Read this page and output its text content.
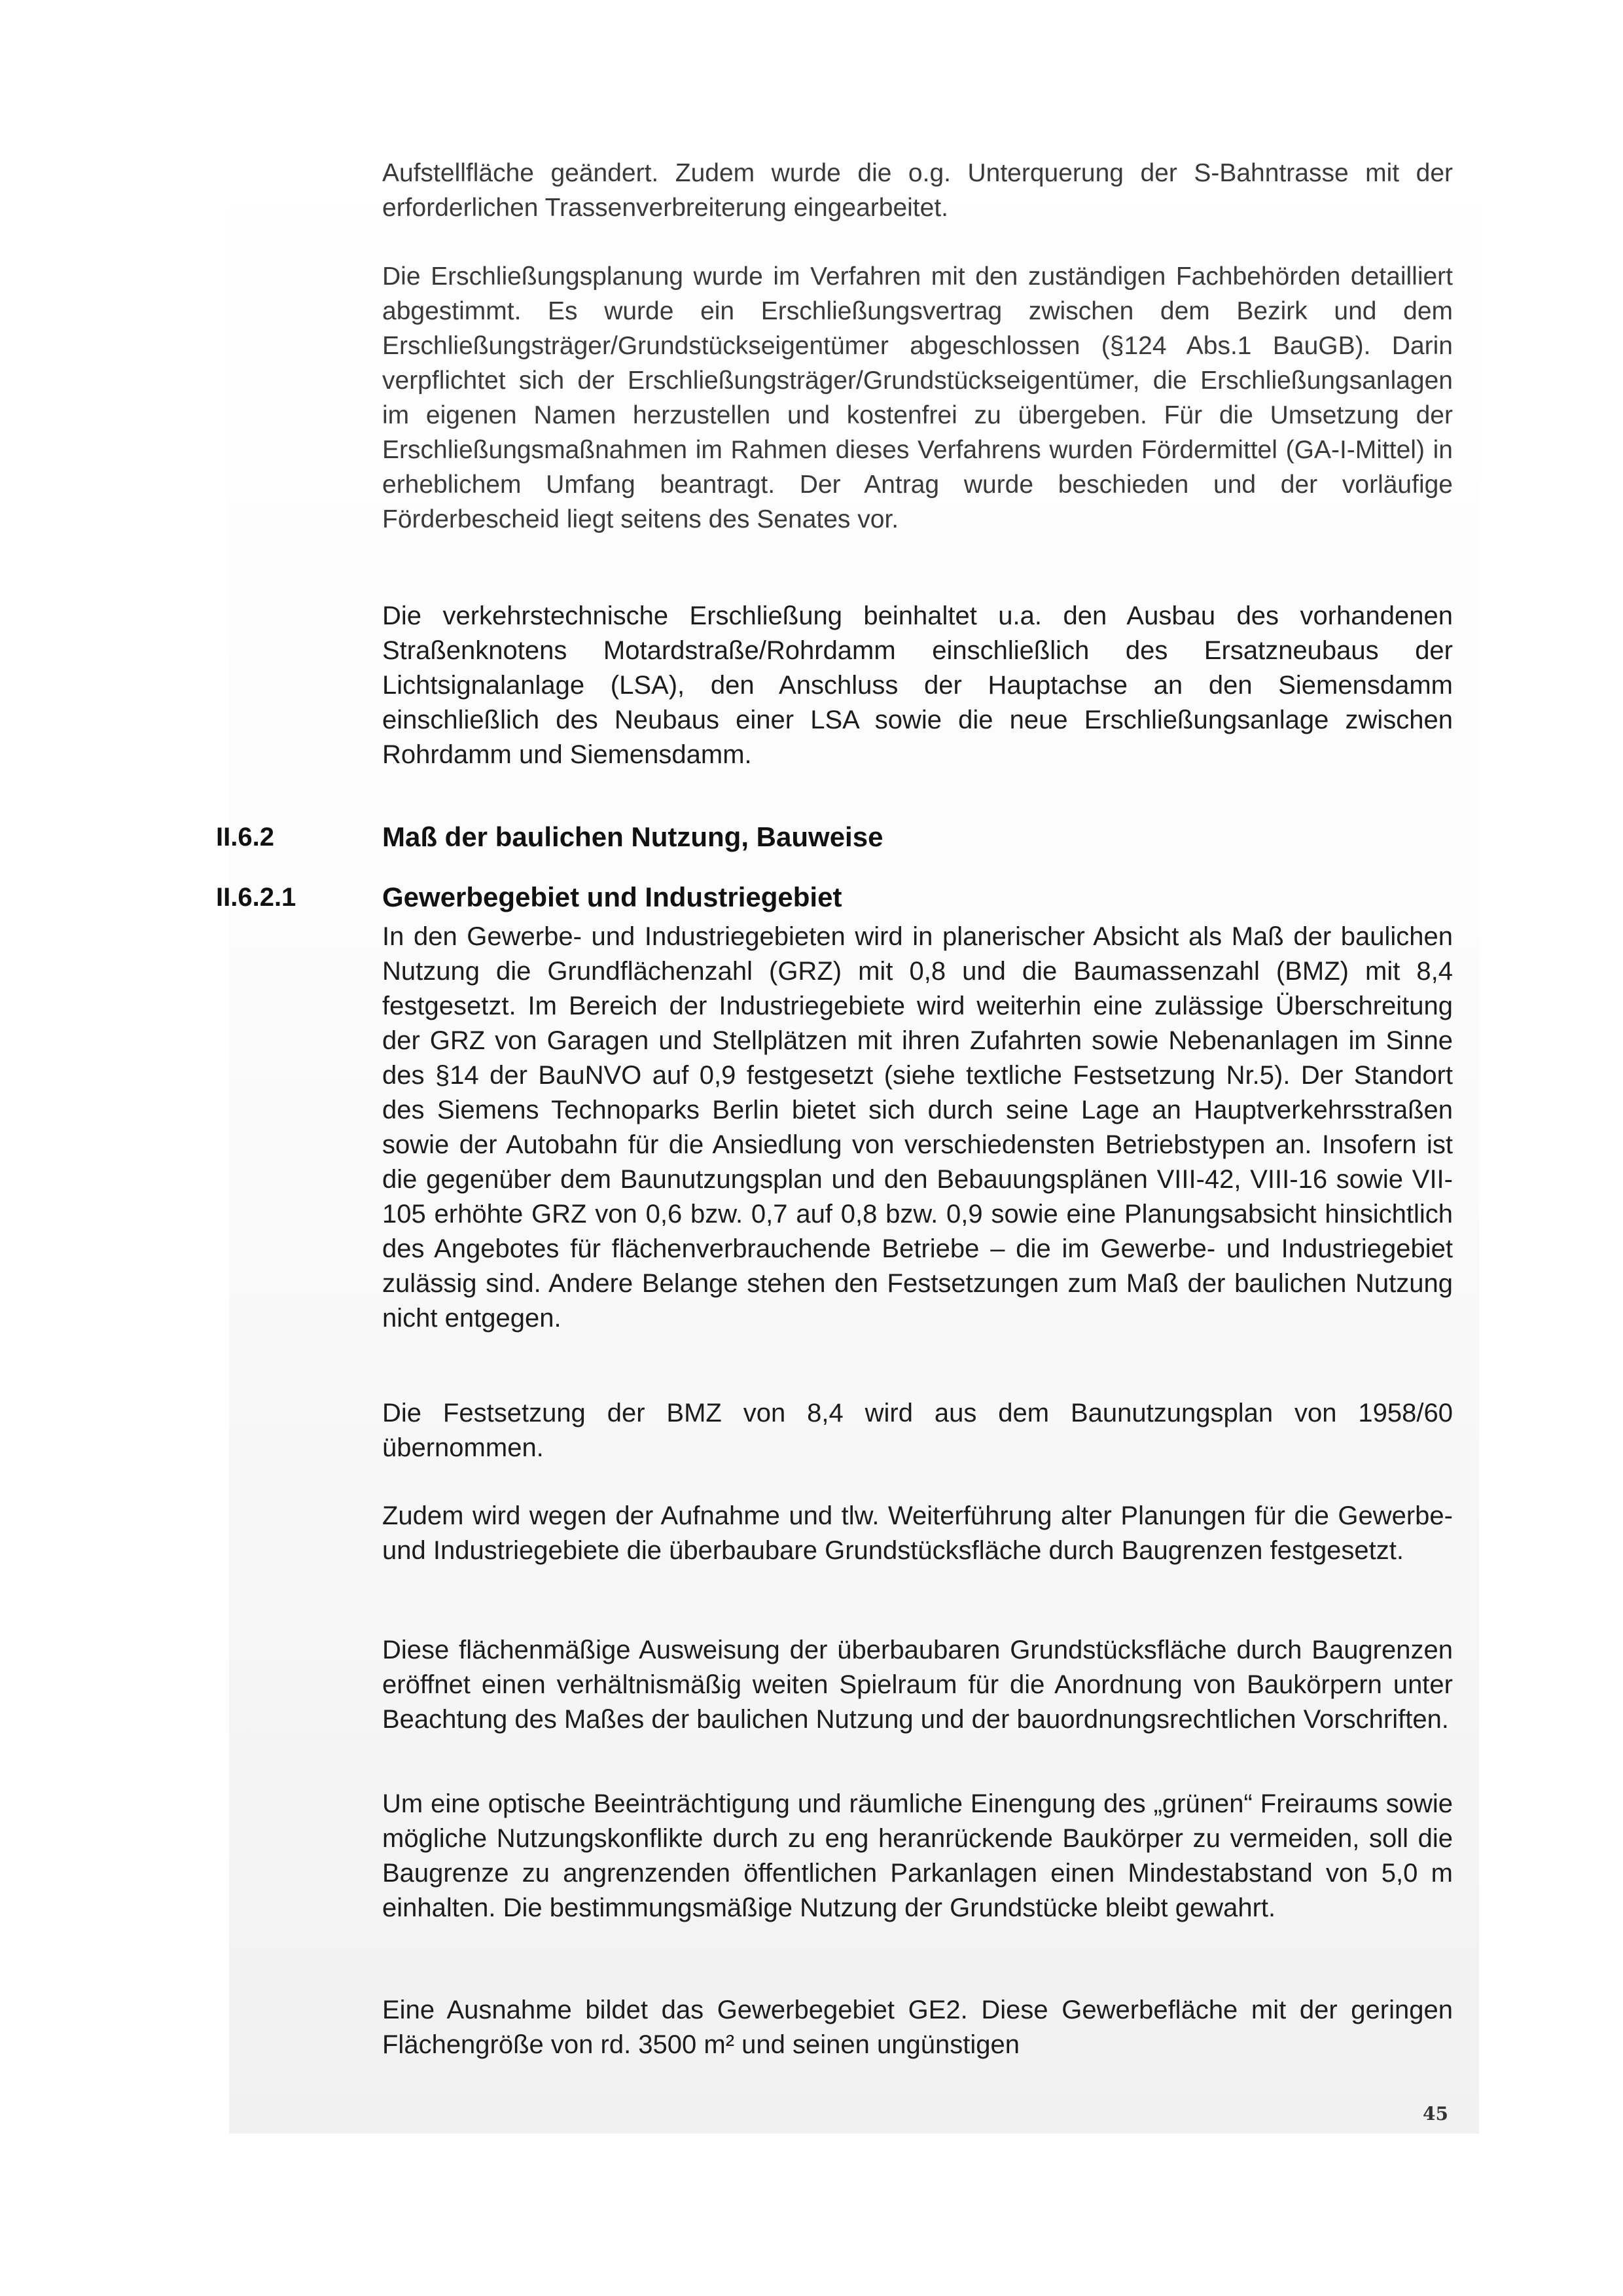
Aufstellfläche geändert. Zudem wurde die o.g. Unterquerung der S-Bahntrasse mit der erforderlichen Trassenverbreiterung eingearbeitet.
Die Erschließungsplanung wurde im Verfahren mit den zuständigen Fachbehörden detailliert abgestimmt. Es wurde ein Erschließungsvertrag zwischen dem Bezirk und dem Erschließungsträger/Grundstückseigentümer abgeschlossen (§124 Abs.1 BauGB). Darin verpflichtet sich der Erschließungsträger/Grundstückseigentümer, die Erschließungsanlagen im eigenen Namen herzustellen und kostenfrei zu übergeben. Für die Umsetzung der Erschließungsmaßnahmen im Rahmen dieses Verfahrens wurden Fördermittel (GA-I-Mittel) in erheblichem Umfang beantragt. Der Antrag wurde beschieden und der vorläufige Förderbescheid liegt seitens des Senates vor.
Die verkehrstechnische Erschließung beinhaltet u.a. den Ausbau des vorhandenen Straßenknotens Motardstraße/Rohrdamm einschließlich des Ersatzneubaus der Lichtsignalanlage (LSA), den Anschluss der Hauptachse an den Siemensdamm einschließlich des Neubaus einer LSA sowie die neue Erschließungsanlage zwischen Rohrdamm und Siemensdamm.
II.6.2	Maß der baulichen Nutzung, Bauweise
II.6.2.1	Gewerbegebiet und Industriegebiet
In den Gewerbe- und Industriegebieten wird in planerischer Absicht als Maß der baulichen Nutzung die Grundflächenzahl (GRZ) mit 0,8 und die Baumassenzahl (BMZ) mit 8,4 festgesetzt. Im Bereich der Industriegebiete wird weiterhin eine zulässige Überschreitung der GRZ von Garagen und Stellplätzen mit ihren Zufahrten sowie Nebenanlagen im Sinne des §14 der BauNVO auf 0,9 festgesetzt (siehe textliche Festsetzung Nr.5). Der Standort des Siemens Technoparks Berlin bietet sich durch seine Lage an Hauptverkehrsstraßen sowie der Autobahn für die Ansiedlung von verschiedensten Betriebstypen an. Insofern ist die gegenüber dem Baunutzungsplan und den Bebauungsplänen VIII-42, VIII-16 sowie VII-105 erhöhte GRZ von 0,6 bzw. 0,7 auf 0,8 bzw. 0,9 sowie eine Planungsabsicht hinsichtlich des Angebotes für flächenverbrauchende Betriebe – die im Gewerbe- und Industriegebiet zulässig sind. Andere Belange stehen den Festsetzungen zum Maß der baulichen Nutzung nicht entgegen.
Die Festsetzung der BMZ von 8,4 wird aus dem Baunutzungsplan von 1958/60 übernommen.
Zudem wird wegen der Aufnahme und tlw. Weiterführung alter Planungen für die Gewerbe- und Industriegebiete die überbaubare Grundstücksfläche durch Baugrenzen festgesetzt.
Diese flächenmäßige Ausweisung der überbaubaren Grundstücksfläche durch Baugrenzen eröffnet einen verhältnismäßig weiten Spielraum für die Anordnung von Baukörpern unter Beachtung des Maßes der baulichen Nutzung und der bauordnungsrechtlichen Vorschriften.
Um eine optische Beeinträchtigung und räumliche Einengung des „grünen“ Freiraums sowie mögliche Nutzungskonflikte durch zu eng heranrückende Baukörper zu vermeiden, soll die Baugrenze zu angrenzenden öffentlichen Parkanlagen einen Mindestabstand von 5,0 m einhalten. Die bestimmungsmäßige Nutzung der Grundstücke bleibt gewahrt.
Eine Ausnahme bildet das Gewerbegebiet GE2. Diese Gewerbefläche mit der geringen Flächengröße von rd. 3500 m² und seinen ungünstigen
45
